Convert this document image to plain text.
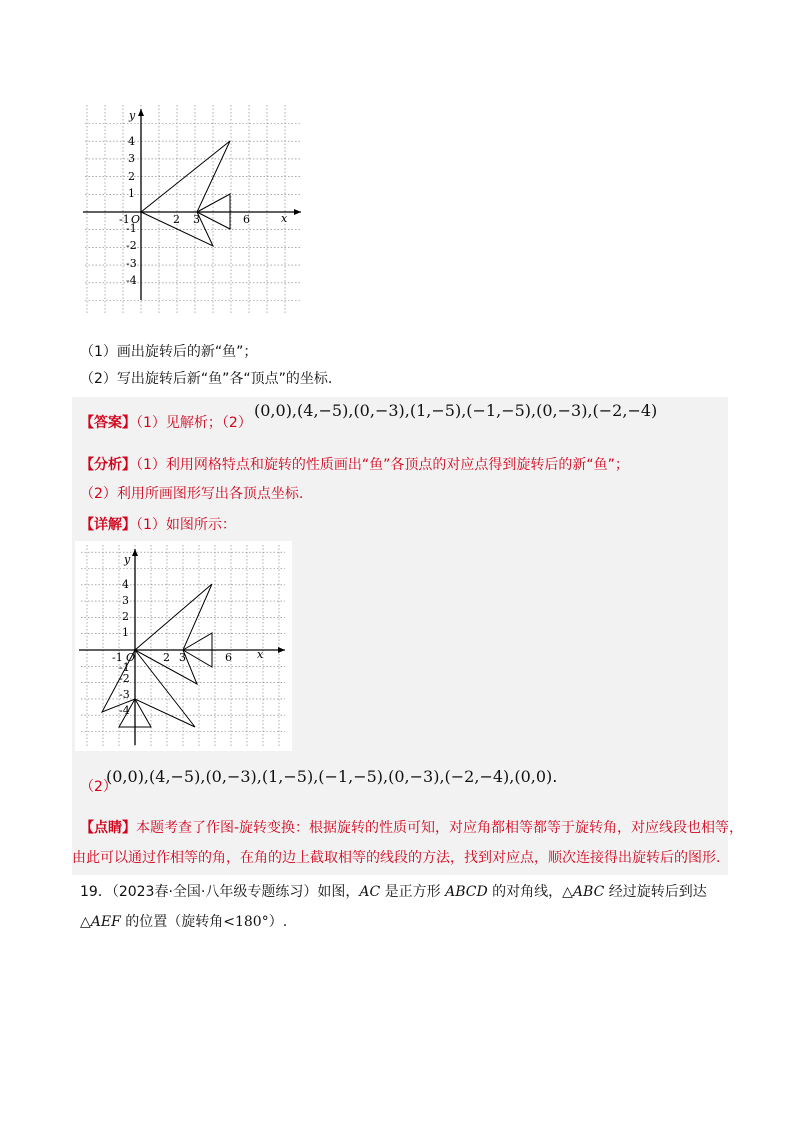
y
x
O
4
3
2
1
-1
-2
-3
-4
-1	2 3	6
（1）画出旋转后的新“鱼”；
（2）写出旋转后新“鱼”各“顶点”的坐标.
【答案】（1）见解析；（2）
(0,0),(4,−5),(0,−3),(1,−5),(−1,−5),(0,−3),(−2,−4)
【分析】（1）利用网格特点和旋转的性质画出“鱼”各顶点的对应点得到旋转后的新“鱼”；
（2）利用所画图形写出各顶点坐标.
【详解】（1）如图所示：
y
x
O
4
3
2
1
-1
-2
-3
-4
-1	2 3	6
（2）
(0,0),(4,−5),(0,−3),(1,−5),(−1,−5),(0,−3),(−2,−4),(0,0).
【点睛】本题考查了作图-旋转变换：根据旋转的性质可知，对应角都相等都等于旋转角，对应线段也相等，
由此可以通过作相等的角，在角的边上截取相等的线段的方法，找到对应点，顺次连接得出旋转后的图形.
19．（2023春·全国·八年级专题练习）如图，AC 是正方形 ABCD 的对角线，△ABC 经过旋转后到达
△AEF 的位置（旋转角<180°）.
